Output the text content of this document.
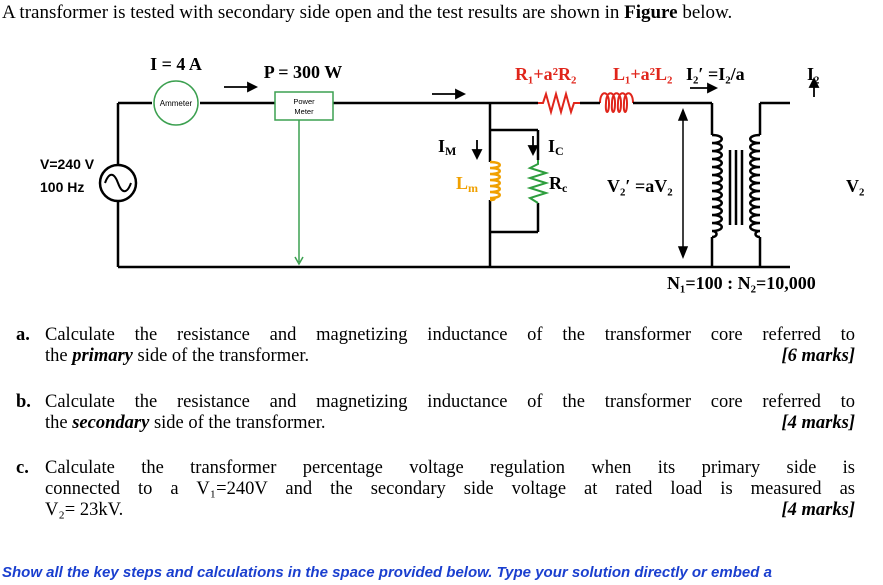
A transformer is tested with secondary side open and the test results are shown in Figure below.
Ammeter	Power
Meter
I = 4 A	P = 300 W
V=240 V
100 Hz
R₁+a²R₂ L₁+a²L₂ I₂′ =I₂/a	I₂
IM	IC
Lm	Rc V₂′ =aV₂	V₂
N₁=100 : N₂=10,000
a. Calculate the resistance and magnetizing inductance of the transformer core referred to
the primary side of the transformer.	[6 marks]
b. Calculate the resistance and magnetizing inductance of the transformer core referred to
the secondary side of the transformer.	[4 marks]
c. Calculate the transformer percentage voltage regulation when its primary side is
connected to a V₁=240V and the secondary side voltage at rated load is measured as
V₂= 23kV.	[4 marks]
Show all the key steps and calculations in the space provided below. Type your solution directly or embed a
